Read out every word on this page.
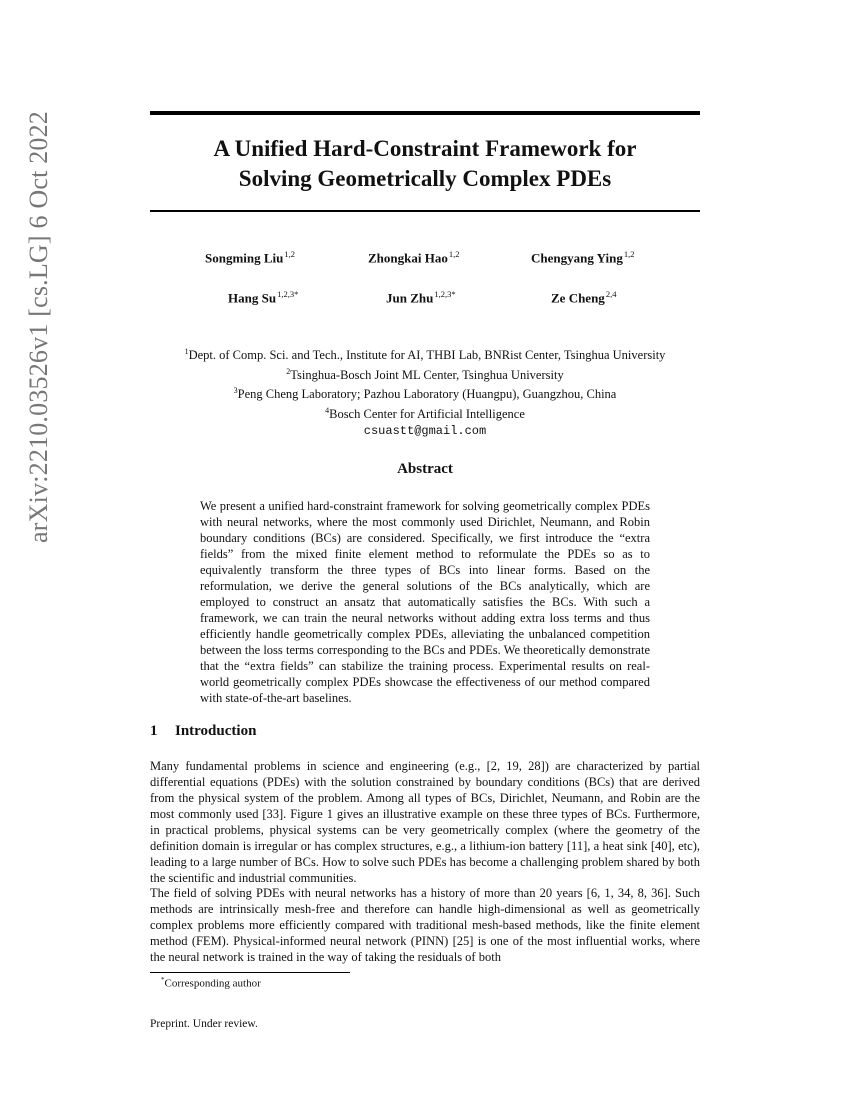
arXiv:2210.03526v1 [cs.LG] 6 Oct 2022	A Unified Hard-Constraint Framework for
Solving Geometrically Complex PDEs
Songming Liu$^{1,2}$	Zhongkai Hao$^{1,2}$	Chengyang Ying$^{1,2}$
Hang $Su^{1,2,3*}$	Jun Zhu$^{1,2,3*}$	Ze Cheng$^{2,4}$
$^1$Dept. of Comp. Sci. and Tech., Institute for AI, THBI Lab, BNRist Center, Tsinghua University
$^2$Tsinghua-Bosch Joint ML Center, Tsinghua University
$^3$Peng Cheng Laboratory; Pazhou Laboratory (Huangpu), Guangzhou, China
$^4$Bosch Center for Artificial Intelligence
csuastt@gmail.com
Abstract
We present a unified hard-constraint framework for solving geometrically complex PDEs with neural networks, where the most commonly used Dirichlet, Neumann, and Robin boundary conditions (BCs) are considered. Specifically, we first introduce the “extra fields” from the mixed finite element method to reformulate the PDEs so as to equivalently transform the three types of BCs into linear forms. Based on the reformulation, we derive the general solutions of the BCs analytically, which are employed to construct an ansatz that automatically satisfies the BCs. With such a framework, we can train the neural networks without adding extra loss terms and thus efficiently handle geometrically complex PDEs, alleviating the unbalanced competition between the loss terms corresponding to the BCs and PDEs. We theoretically demonstrate that the “extra fields” can stabilize the training process. Experimental results on real-world geometrically complex PDEs showcase the effectiveness of our method compared with state-of-the-art baselines.
1 Introduction
Many fundamental problems in science and engineering (e.g., [2, 19, 28]) are characterized by partial differential equations (PDEs) with the solution constrained by boundary conditions (BCs) that are derived from the physical system of the problem. Among all types of BCs, Dirichlet, Neumann, and Robin are the most commonly used [33]. Figure 1 gives an illustrative example on these three types of BCs. Furthermore, in practical problems, physical systems can be very geometrically complex (where the geometry of the definition domain is irregular or has complex structures, e.g., a lithium-ion battery [11], a heat sink [40], etc), leading to a large number of BCs. How to solve such PDEs has become a challenging problem shared by both the scientific and industrial communities.
The field of solving PDEs with neural networks has a history of more than 20 years [6, 1, 34, 8, 36]. Such methods are intrinsically mesh-free and therefore can handle high-dimensional as well as geometrically complex problems more efficiently compared with traditional mesh-based methods, like the finite element method (FEM). Physical-informed neural network (PINN) [25] is one of the most influential works, where the neural network is trained in the way of taking the residuals of both
*Corresponding author
Preprint. Under review.
